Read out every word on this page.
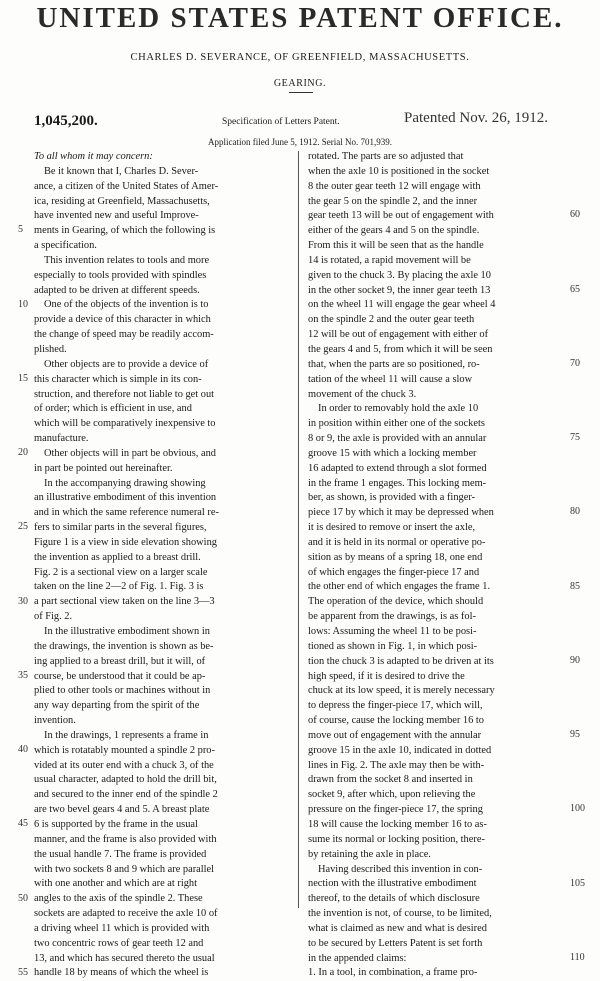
UNITED STATES PATENT OFFICE.
CHARLES D. SEVERANCE, OF GREENFIELD, MASSACHUSETTS.
GEARING.
1,045,200.	Specification of Letters Patent.	Patented Nov. 26, 1912.
Application filed June 5, 1912. Serial No. 701,939.
To all whom it may concern:
Be it known that I, Charles D. Sever-
ance, a citizen of the United States of Amer-
ica, residing at Greenfield, Massachusetts,
have invented new and useful Improve-
ments in Gearing, of which the following is
a specification.
This invention relates to tools and more
especially to tools provided with spindles
adapted to be driven at different speeds.
One of the objects of the invention is to
provide a device of this character in which
the change of speed may be readily accom-
plished.
Other objects are to provide a device of
this character which is simple in its con-
struction, and therefore not liable to get out
of order; which is efficient in use, and
which will be comparatively inexpensive to
manufacture.
Other objects will in part be obvious, and
in part be pointed out hereinafter.
In the accompanying drawing showing
an illustrative embodiment of this invention
and in which the same reference numeral re-
fers to similar parts in the several figures,
Figure 1 is a view in side elevation showing
the invention as applied to a breast drill.
Fig. 2 is a sectional view on a larger scale
taken on the line 2—2 of Fig. 1. Fig. 3 is
a part sectional view taken on the line 3—3
of Fig. 2.
In the illustrative embodiment shown in
the drawings, the invention is shown as be-
ing applied to a breast drill, but it will, of
course, be understood that it could be ap-
plied to other tools or machines without in
any way departing from the spirit of the
invention.
In the drawings, 1 represents a frame in
which is rotatably mounted a spindle 2 pro-
vided at its outer end with a chuck 3, of the
usual character, adapted to hold the drill bit,
and secured to the inner end of the spindle 2
are two bevel gears 4 and 5. A breast plate
6 is supported by the frame in the usual
manner, and the frame is also provided with
the usual handle 7. The frame is provided
with two sockets 8 and 9 which are parallel
with one another and which are at right
angles to the axis of the spindle 2. These
sockets are adapted to receive the axle 10 of
a driving wheel 11 which is provided with
two concentric rows of gear teeth 12 and
13, and which has secured thereto the usual
handle 18 by means of which the wheel is
rotated. The parts are so adjusted that
when the axle 10 is positioned in the socket
8 the outer gear teeth 12 will engage with
the gear 5 on the spindle 2, and the inner
gear teeth 13 will be out of engagement with
either of the gears 4 and 5 on the spindle.
From this it will be seen that as the handle
14 is rotated, a rapid movement will be
given to the chuck 3. By placing the axle 10
in the other socket 9, the inner gear teeth 13
on the wheel 11 will engage the gear wheel 4
on the spindle 2 and the outer gear teeth
12 will be out of engagement with either of
the gears 4 and 5, from which it will be seen
that, when the parts are so positioned, ro-
tation of the wheel 11 will cause a slow
movement of the chuck 3.
In order to removably hold the axle 10
in position within either one of the sockets
8 or 9, the axle is provided with an annular
groove 15 with which a locking member
16 adapted to extend through a slot formed
in the frame 1 engages. This locking mem-
ber, as shown, is provided with a finger-
piece 17 by which it may be depressed when
it is desired to remove or insert the axle,
and it is held in its normal or operative po-
sition as by means of a spring 18, one end
of which engages the finger-piece 17 and
the other end of which engages the frame 1.
The operation of the device, which should
be apparent from the drawings, is as fol-
lows: Assuming the wheel 11 to be posi-
tioned as shown in Fig. 1, in which posi-
tion the chuck 3 is adapted to be driven at its
high speed, if it is desired to drive the
chuck at its low speed, it is merely necessary
to depress the finger-piece 17, which will,
of course, cause the locking member 16 to
move out of engagement with the annular
groove 15 in the axle 10, indicated in dotted
lines in Fig. 2. The axle may then be with-
drawn from the socket 8 and inserted in
socket 9, after which, upon relieving the
pressure on the finger-piece 17, the spring
18 will cause the locking member 16 to as-
sume its normal or locking position, there-
by retaining the axle in place.
Having described this invention in con-
nection with the illustrative embodiment
thereof, to the details of which disclosure
the invention is not, of course, to be limited,
what is claimed as new and what is desired
to be secured by Letters Patent is set forth
in the appended claims:
1. In a tool, in combination, a frame pro-
5
10
15
20
25
30
35
40
45
50
55
60
65
70
75
80
85
90
95
100
105
110
